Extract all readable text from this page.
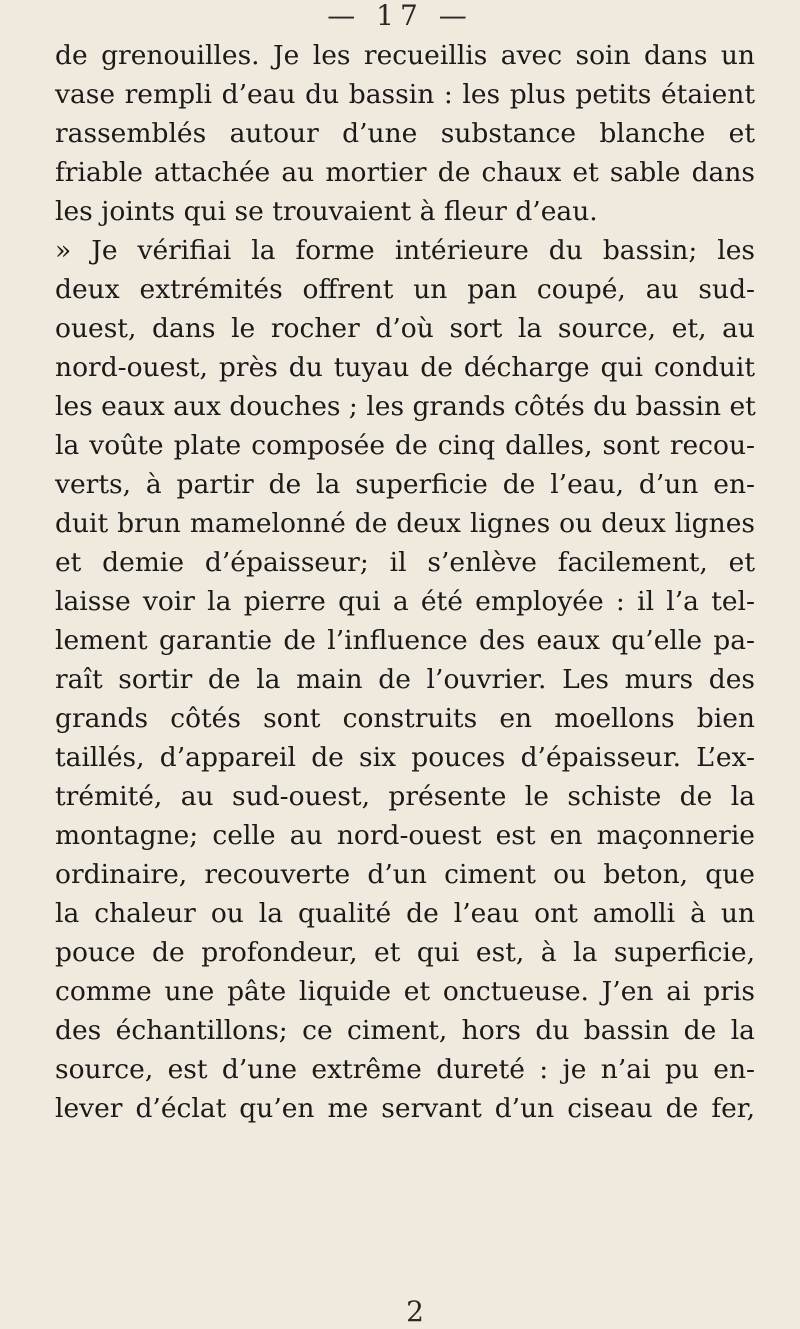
— 17 —
de grenouilles. Je les recueillis avec soin dans un
vase rempli d’eau du bassin : les plus petits étaient
rassemblés autour d’une substance blanche et
friable attachée au mortier de chaux et sable dans
les joints qui se trouvaient à fleur d’eau.
» Je vérifiai la forme intérieure du bassin; les
deux extrémités offrent un pan coupé, au sud-
ouest, dans le rocher d’où sort la source, et, au
nord-ouest, près du tuyau de décharge qui conduit
les eaux aux douches ; les grands côtés du bassin et
la voûte plate composée de cinq dalles, sont recou-
verts, à partir de la superficie de l’eau, d’un en-
duit brun mamelonné de deux lignes ou deux lignes
et demie d’épaisseur; il s’enlève facilement, et
laisse voir la pierre qui a été employée : il l’a tel-
lement garantie de l’influence des eaux qu’elle pa-
raît sortir de la main de l’ouvrier. Les murs des
grands côtés sont construits en moellons bien
taillés, d’appareil de six pouces d’épaisseur. L’ex-
trémité, au sud-ouest, présente le schiste de la
montagne; celle au nord-ouest est en maçonnerie
ordinaire, recouverte d’un ciment ou beton, que
la chaleur ou la qualité de l’eau ont amolli à un
pouce de profondeur, et qui est, à la superficie,
comme une pâte liquide et onctueuse. J’en ai pris
des échantillons; ce ciment, hors du bassin de la
source, est d’une extrême dureté : je n’ai pu en-
lever d’éclat qu’en me servant d’un ciseau de fer,
2
